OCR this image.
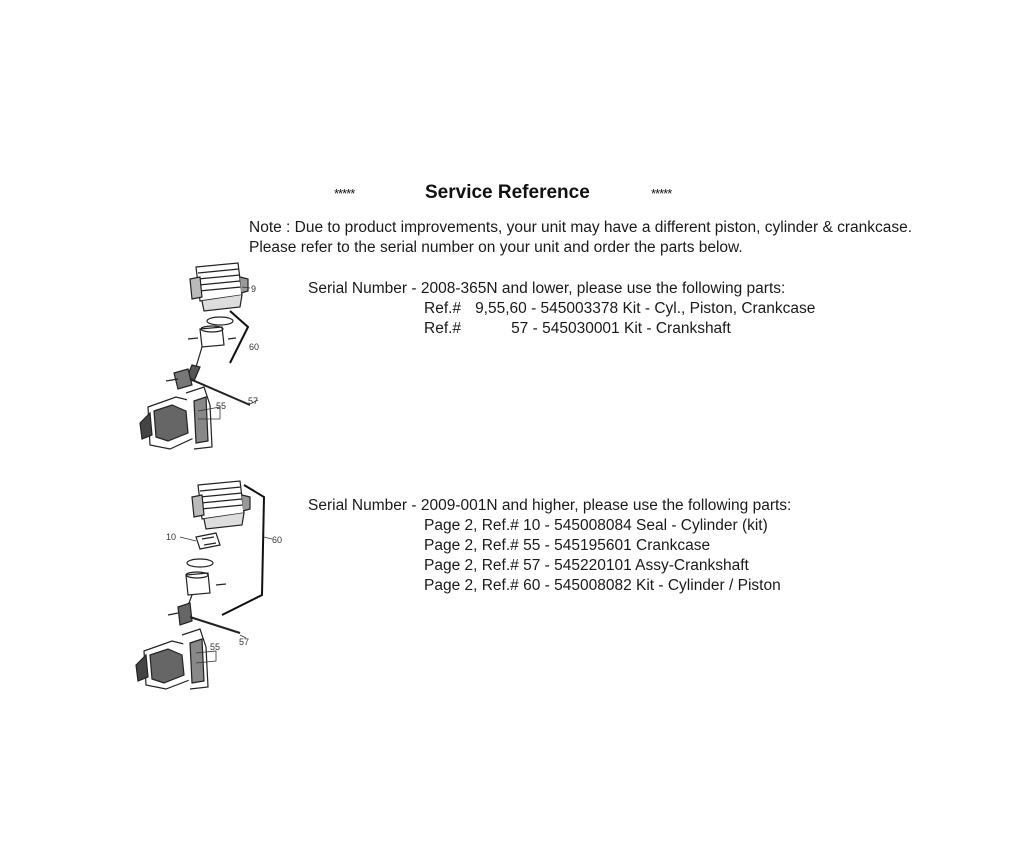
*****	Service Reference	*****
Note : Due to product improvements, your unit may have a different piston, cylinder & crankcase.
Please refer to the serial number on your unit and order the parts below.
Serial Number - 2008-365N and lower, please use the following parts:
Ref.# 9,55,60 - 545003378 Kit - Cyl., Piston, Crankcase
Ref.#	57 - 545030001 Kit - Crankshaft
Serial Number - 2009-001N and higher, please use the following parts:
Page 2, Ref.# 10 - 545008084 Seal - Cylinder (kit)
Page 2, Ref.# 55 - 545195601 Crankcase
Page 2, Ref.# 57 - 545220101 Assy-Crankshaft
Page 2, Ref.# 60 - 545008082 Kit - Cylinder / Piston
9
60
57
55
10	60
57
55
